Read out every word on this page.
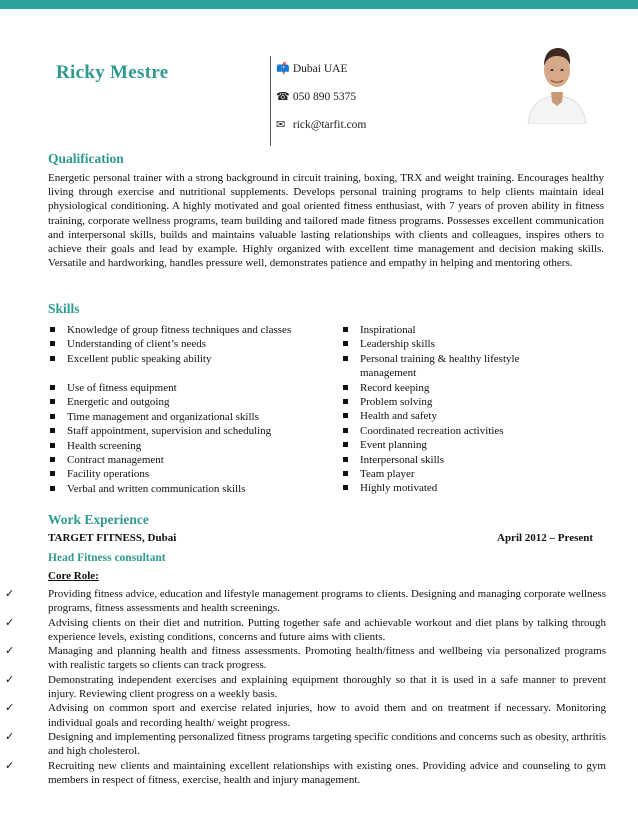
Ricky Mestre	📫 Dubai UAE
☎ 050 890 5375
✉ rick@tarfit.com
Qualification
Energetic personal trainer with a strong background in circuit training, boxing, TRX and weight training. Encourages healthy living through exercise and nutritional supplements. Develops personal training programs to help clients maintain ideal physiological conditioning. A highly motivated and goal oriented fitness enthusiast, with 7 years of proven ability in fitness training, corporate wellness programs, team building and tailored made fitness programs. Possesses excellent communication and interpersonal skills, builds and maintains valuable lasting relationships with clients and colleagues, inspires others to achieve their goals and lead by example. Highly organized with excellent time management and decision making skills. Versatile and hardworking, handles pressure well, demonstrates patience and empathy in helping and mentoring others.
Skills
Knowledge of group fitness techniques and classes
Understanding of client’s needs
Excellent public speaking ability
Use of fitness equipment
Energetic and outgoing
Time management and organizational skills
Staff appointment, supervision and scheduling
Health screening
Contract management
Facility operations
Verbal and written communication skills
Inspirational
Leadership skills
Personal training & healthy lifestyle management
Record keeping
Problem solving
Health and safety
Coordinated recreation activities
Event planning
Interpersonal skills
Team player
Highly motivated
Work Experience
TARGET FITNESS, Dubai	April 2012 – Present
Head Fitness consultant
Core Role:
✓	Providing fitness advice, education and lifestyle management programs to clients. Designing and managing corporate wellness programs, fitness assessments and health screenings.
✓	Advising clients on their diet and nutrition. Putting together safe and achievable workout and diet plans by talking through experience levels, existing conditions, concerns and future aims with clients.
✓	Managing and planning health and fitness assessments. Promoting health/fitness and wellbeing via personalized programs with realistic targets so clients can track progress.
✓	Demonstrating independent exercises and explaining equipment thoroughly so that it is used in a safe manner to prevent injury. Reviewing client progress on a weekly basis.
✓	Advising on common sport and exercise related injuries, how to avoid them and on treatment if necessary. Monitoring individual goals and recording health/ weight progress.
✓	Designing and implementing personalized fitness programs targeting specific conditions and concerns such as obesity, arthritis and high cholesterol.
✓	Recruiting new clients and maintaining excellent relationships with existing ones. Providing advice and counseling to gym members in respect of fitness, exercise, health and injury management.
